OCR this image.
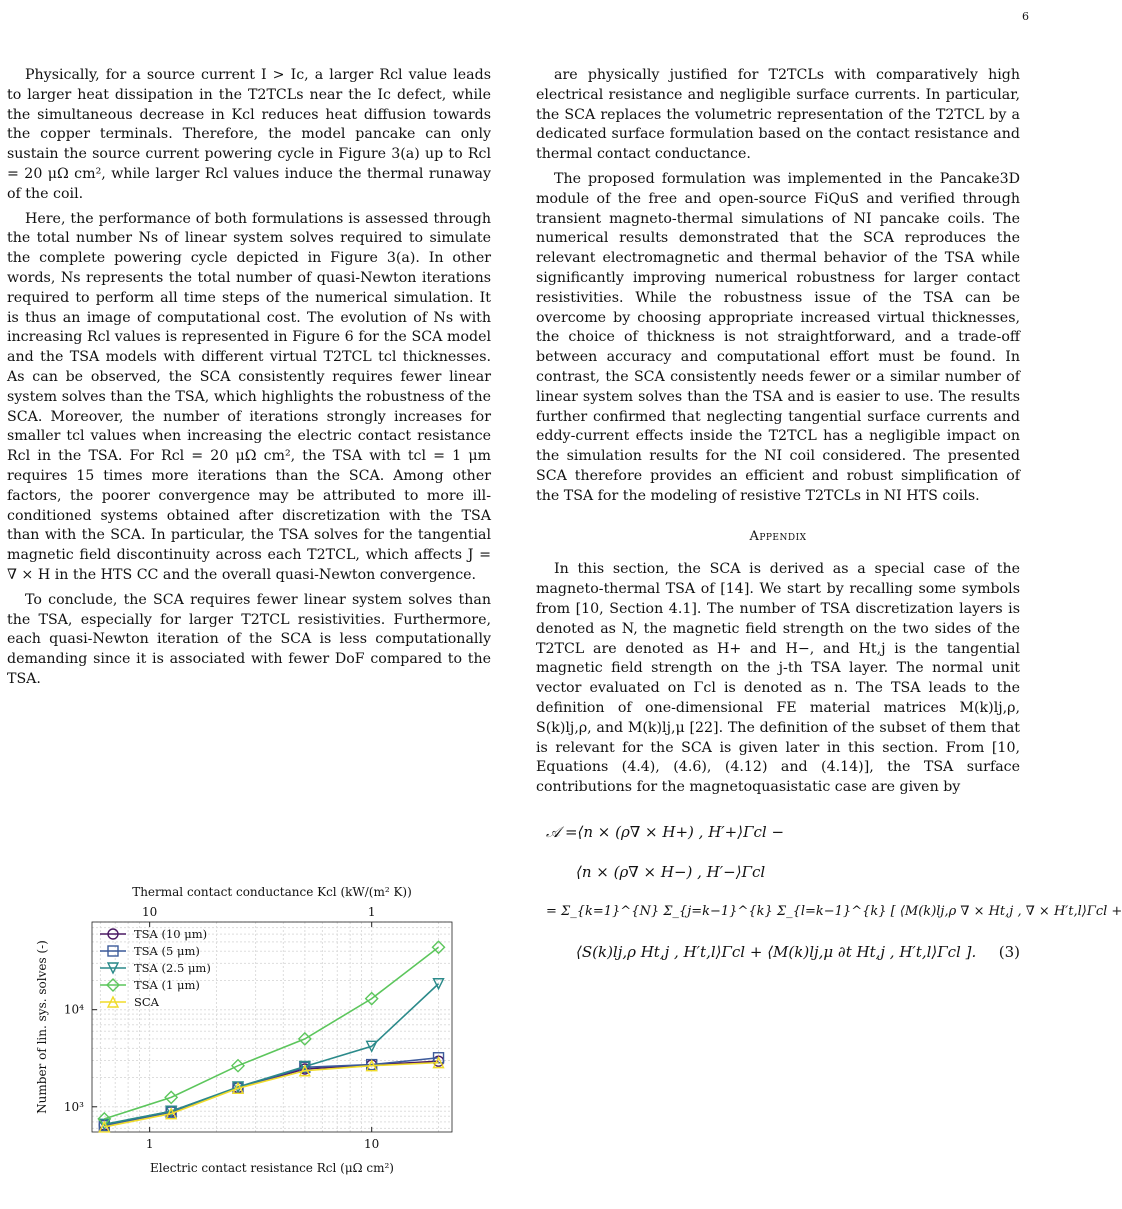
6

Physically, for a source current I > Ic, a larger Rcl value leads to larger heat dissipation in the T2TCLs near the Ic defect, while the simultaneous decrease in Kcl reduces heat diffusion towards the copper terminals. Therefore, the model pancake can only sustain the source current powering cycle in Figure 3(a) up to Rcl = 20 μΩ cm², while larger Rcl values induce the thermal runaway of the coil.

Here, the performance of both formulations is assessed through the total number Ns of linear system solves required to simulate the complete powering cycle depicted in Figure 3(a). In other words, Ns represents the total number of quasi-Newton iterations required to perform all time steps of the numerical simulation. It is thus an image of computational cost. The evolution of Ns with increasing Rcl values is represented in Figure 6 for the SCA model and the TSA models with different virtual T2TCL tcl thicknesses. As can be observed, the SCA consistently requires fewer linear system solves than the TSA, which highlights the robustness of the SCA. Moreover, the number of iterations strongly increases for smaller tcl values when increasing the electric contact resistance Rcl in the TSA. For Rcl = 20 μΩ cm², the TSA with tcl = 1 μm requires 15 times more iterations than the SCA. Among other factors, the poorer convergence may be attributed to more ill-conditioned systems obtained after discretization with the TSA than with the SCA. In particular, the TSA solves for the tangential magnetic field discontinuity across each T2TCL, which affects J = ∇ × H in the HTS CC and the overall quasi-Newton convergence.

To conclude, the SCA requires fewer linear system solves than the TSA, especially for larger T2TCL resistivities. Furthermore, each quasi-Newton iteration of the SCA is less computationally demanding since it is associated with fewer DoF compared to the TSA.

are physically justified for T2TCLs with comparatively high electrical resistance and negligible surface currents. In particular, the SCA replaces the volumetric representation of the T2TCL by a dedicated surface formulation based on the contact resistance and thermal contact conductance.

The proposed formulation was implemented in the Pancake3D module of the free and open-source FiQuS and verified through transient magneto-thermal simulations of NI pancake coils. The numerical results demonstrated that the SCA reproduces the relevant electromagnetic and thermal behavior of the TSA while significantly improving numerical robustness for larger contact resistivities. While the robustness issue of the TSA can be overcome by choosing appropriate increased virtual thicknesses, the choice of thickness is not straightforward, and a trade-off between accuracy and computational effort must be found. In contrast, the SCA consistently needs fewer or a similar number of linear system solves than the TSA and is easier to use. The results further confirmed that neglecting tangential surface currents and eddy-current effects inside the T2TCL has a negligible impact on the simulation results for the NI coil considered. The presented SCA therefore provides an efficient and robust simplification of the TSA for the modeling of resistive T2TCLs in NI HTS coils.

Appendix

In this section, the SCA is derived as a special case of the magneto-thermal TSA of [14]. We start by recalling some symbols from [10, Section 4.1]. The number of TSA discretization layers is denoted as N, the magnetic field strength on the two sides of the T2TCL are denoted as H+ and H−, and Ht,j is the tangential magnetic field strength on the j-th TSA layer. The normal unit vector evaluated on Γcl is denoted as n. The TSA leads to the definition of one-dimensional FE material matrices M(k)lj,ρ, S(k)lj,ρ, and M(k)lj,μ [22]. The definition of the subset of them that is relevant for the SCA is given later in this section. From [10, Equations (4.4), (4.6), (4.12) and (4.14)], the TSA surface contributions for the magnetoquasistatic case are given by

𝒜 =⟨n × (ρ∇ × H+) , H′+⟩Γcl −
⟨n × (ρ∇ × H−) , H′−⟩Γcl
= Σ_{k=1}^{N} Σ_{j=k−1}^{k} Σ_{l=k−1}^{k} [ ⟨M(k)lj,ρ ∇ × Ht,j , ∇ × H′t,l⟩Γcl +
⟨S(k)lj,ρ Ht,j , H′t,l⟩Γcl + ⟨M(k)lj,μ ∂t Ht,j , H′t,l⟩Γcl ].	(3)
1	10
10³
10⁴
10	1
Thermal contact conductance Kcl (kW/(m² K))
Electric contact resistance Rcl (μΩ cm²)
Number of lin. sys. solves (-)
TSA (10 μm)
TSA (5 μm)
TSA (2.5 μm)
TSA (1 μm)
SCA
